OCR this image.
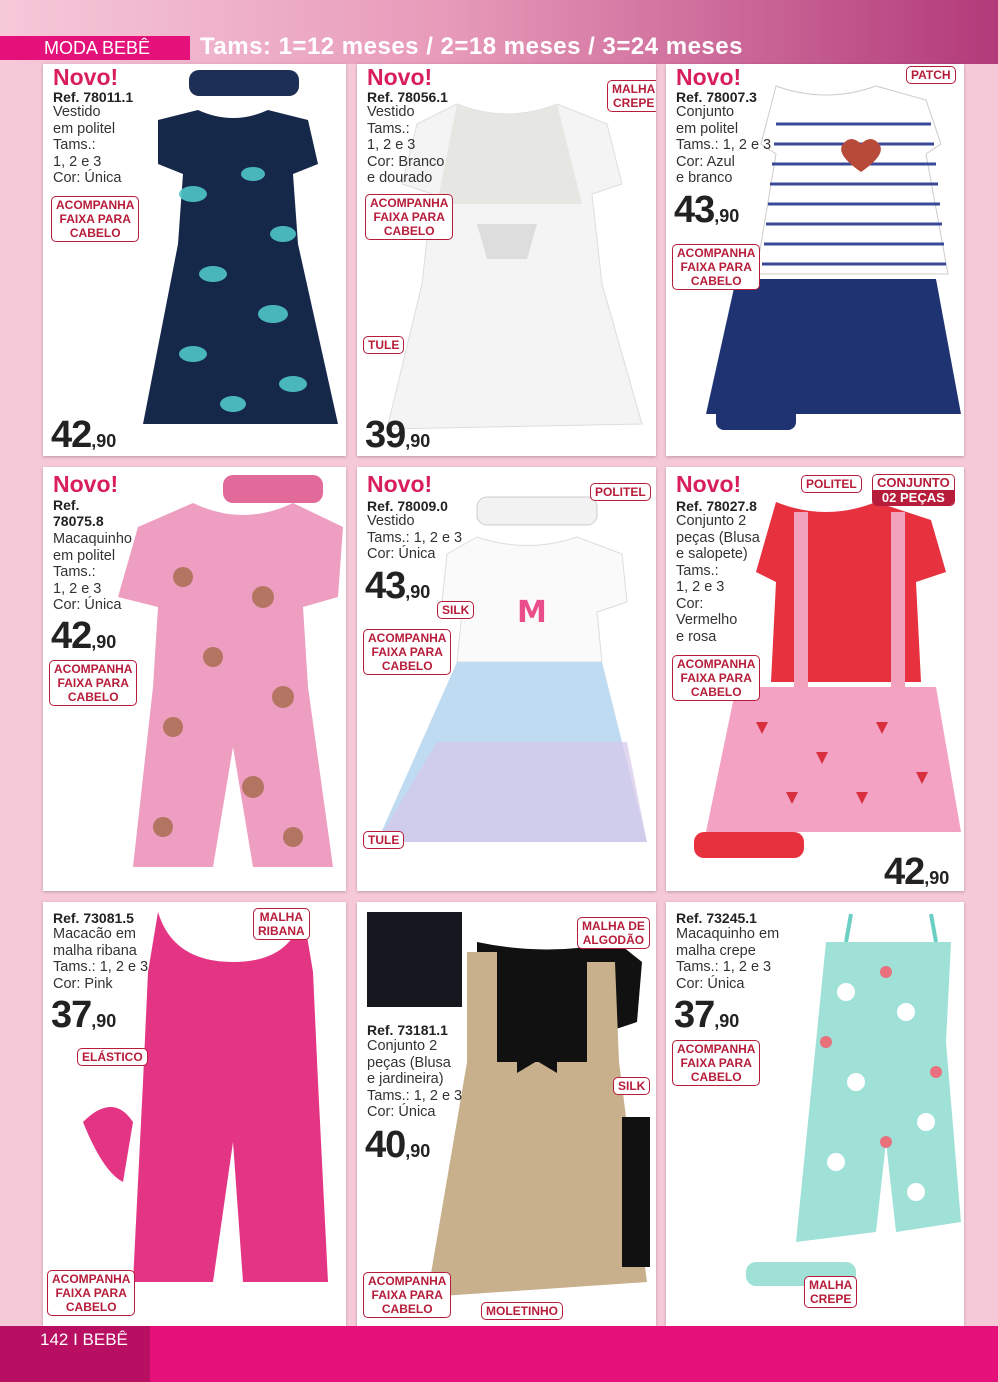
MODA BEBÊ	Tams: 1=12 meses / 2=18 meses / 3=24 meses
Novo!
Ref. 78011.1
Vestido
em politel
Tams.:
1, 2 e 3
Cor: Única
ACOMPANHA
FAIXA PARA
CABELO
42,90
Novo!
Ref. 78056.1
Vestido
Tams.:
1, 2 e 3
Cor: Branco
e dourado
ACOMPANHA
FAIXA PARA
CABELO
MALHA
CREPE
TULE
39,90
Novo!
Ref. 78007.3
Conjunto
em politel
Tams.: 1, 2 e 3
Cor: Azul
e branco
PATCH
43,90
ACOMPANHA
FAIXA PARA
CABELO
Novo!
Ref.
78075.8
Macaquinho
em politel
Tams.:
1, 2 e 3
Cor: Única
42,90
ACOMPANHA
FAIXA PARA
CABELO
M
Novo!
Ref. 78009.0
Vestido
Tams.: 1, 2 e 3
Cor: Única
POLITEL
43,90
SILK
ACOMPANHA
FAIXA PARA
CABELO
TULE
Novo!
Ref. 78027.8
Conjunto 2
peças (Blusa
e salopete)
Tams.:
1, 2 e 3
Cor:
Vermelho
e rosa
POLITEL	CONJUNTO
02 PEÇAS
ACOMPANHA
FAIXA PARA
CABELO
42,90
Ref. 73081.5
Macacão em
malha ribana
Tams.: 1, 2 e 3
Cor: Pink
MALHA
RIBANA
37,90
ELÁSTICO
ACOMPANHA
FAIXA PARA
CABELO
MALHA DE
ALGODÃO
Ref. 73181.1
Conjunto 2
peças (Blusa
e jardineira)
Tams.: 1, 2 e 3
Cor: Única
SILK
40,90
ACOMPANHA
FAIXA PARA
CABELO	MOLETINHO
Ref. 73245.1
Macaquinho em
malha crepe
Tams.: 1, 2 e 3
Cor: Única
37,90
ACOMPANHA
FAIXA PARA
CABELO
MALHA
CREPE
142 I BEBÊ
